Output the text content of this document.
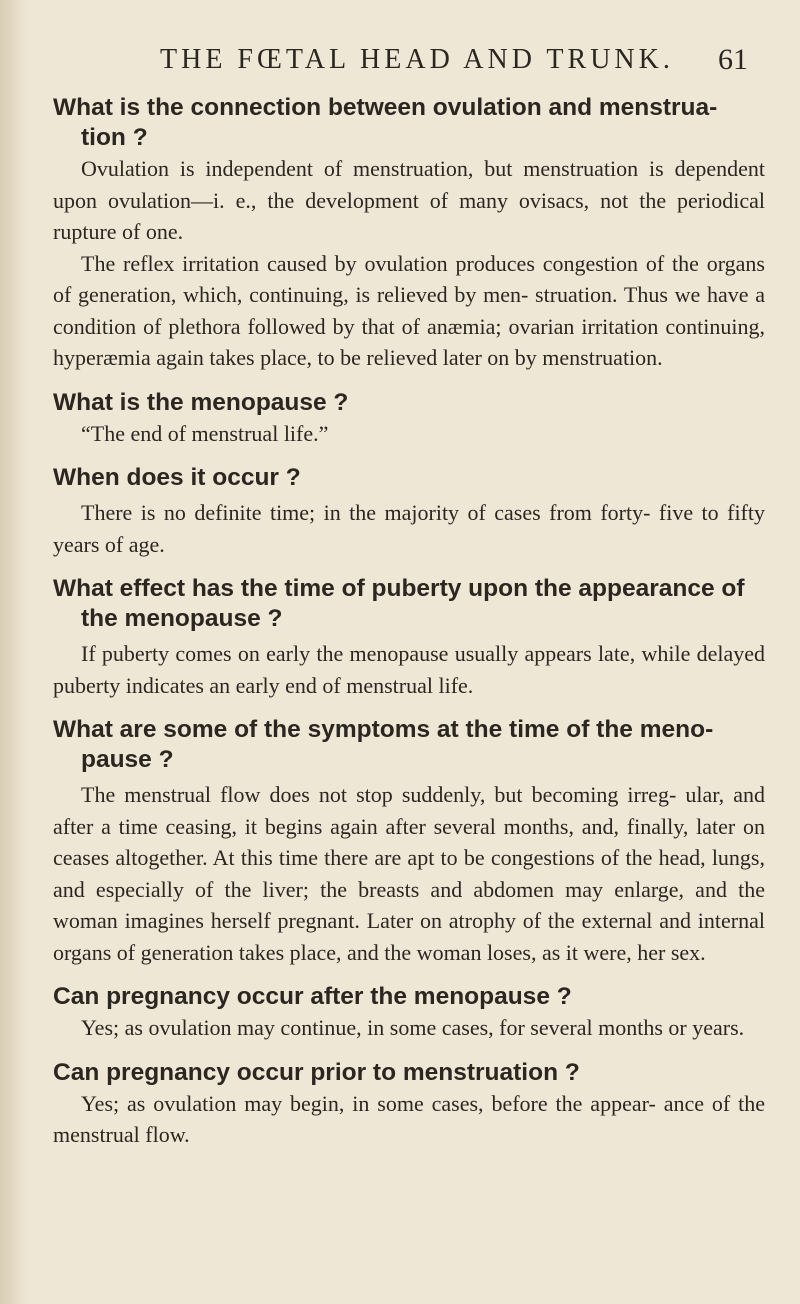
THE FŒTAL HEAD AND TRUNK. 61

What is the connection between ovulation and menstrua- tion ?

Ovulation is independent of menstruation, but menstruation is dependent upon ovulation—i. e., the development of many ovisacs, not the periodical rupture of one.

The reflex irritation caused by ovulation produces congestion of the organs of generation, which, continuing, is relieved by men- struation. Thus we have a condition of plethora followed by that of anæmia; ovarian irritation continuing, hyperæmia again takes place, to be relieved later on by menstruation.

What is the menopause ?

“The end of menstrual life.”

When does it occur ?

There is no definite time; in the majority of cases from forty- five to fifty years of age.

What effect has the time of puberty upon the appearance of the menopause ?

If puberty comes on early the menopause usually appears late, while delayed puberty indicates an early end of menstrual life.

What are some of the symptoms at the time of the meno- pause ?

The menstrual flow does not stop suddenly, but becoming irreg- ular, and after a time ceasing, it begins again after several months, and, finally, later on ceases altogether. At this time there are apt to be congestions of the head, lungs, and especially of the liver; the breasts and abdomen may enlarge, and the woman imagines herself pregnant. Later on atrophy of the external and internal organs of generation takes place, and the woman loses, as it were, her sex.

Can pregnancy occur after the menopause ?

Yes; as ovulation may continue, in some cases, for several months or years.

Can pregnancy occur prior to menstruation ?

Yes; as ovulation may begin, in some cases, before the appear- ance of the menstrual flow.
